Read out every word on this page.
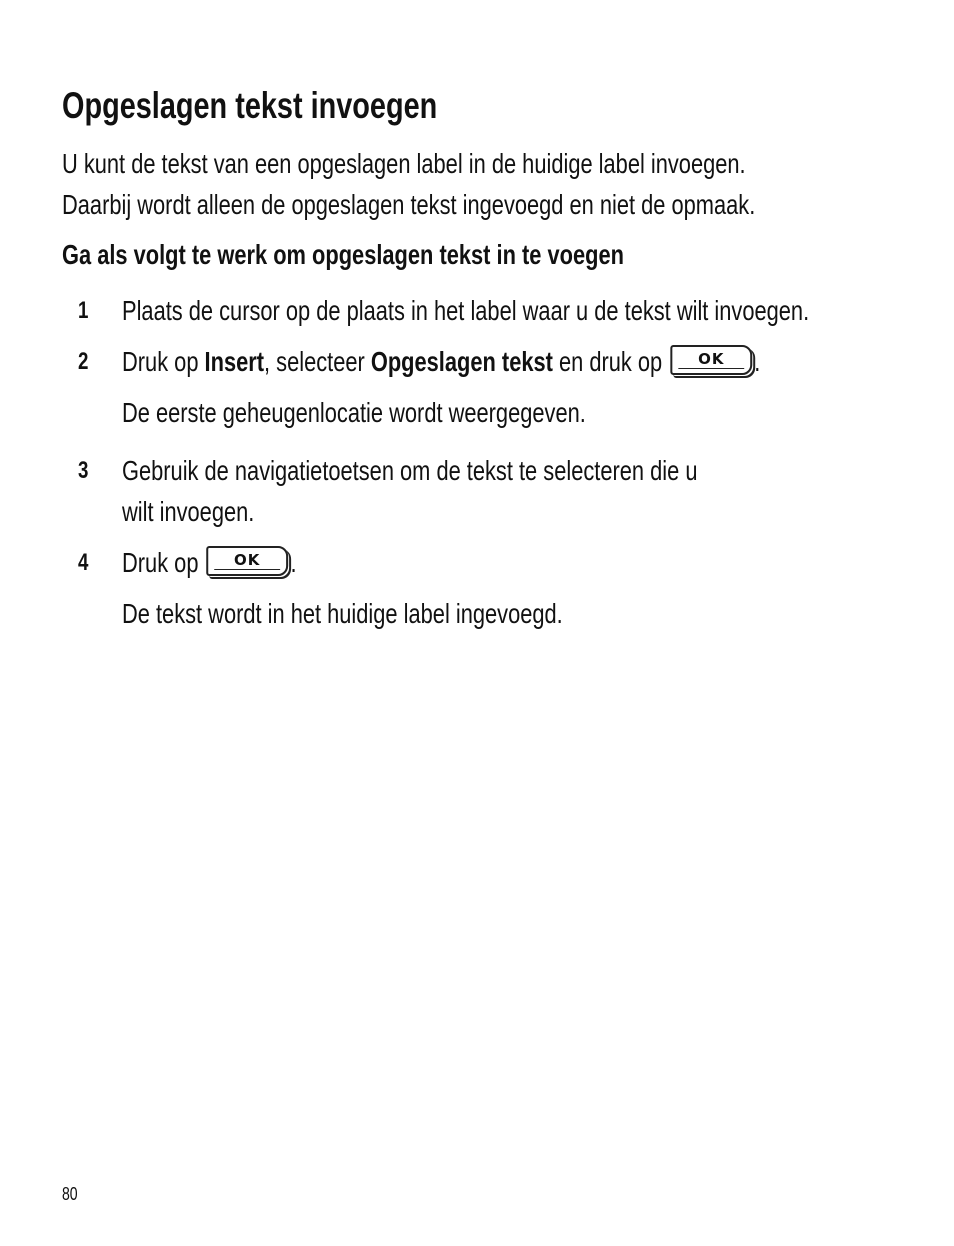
Opgeslagen tekst invoegen
U kunt de tekst van een opgeslagen label in de huidige label invoegen.
Daarbij wordt alleen de opgeslagen tekst ingevoegd en niet de opmaak.
Ga als volgt te werk om opgeslagen tekst in te voegen
1 Plaats de cursor op de plaats in het label waar u de tekst wilt invoegen.
2 Druk op Insert, selecteer Opgeslagen tekst en druk op	OK	.
De eerste geheugenlocatie wordt weergegeven.
3 Gebruik de navigatietoetsen om de tekst te selecteren die u
wilt invoegen.
4 Druk op	OK	.
De tekst wordt in het huidige label ingevoegd.
80
